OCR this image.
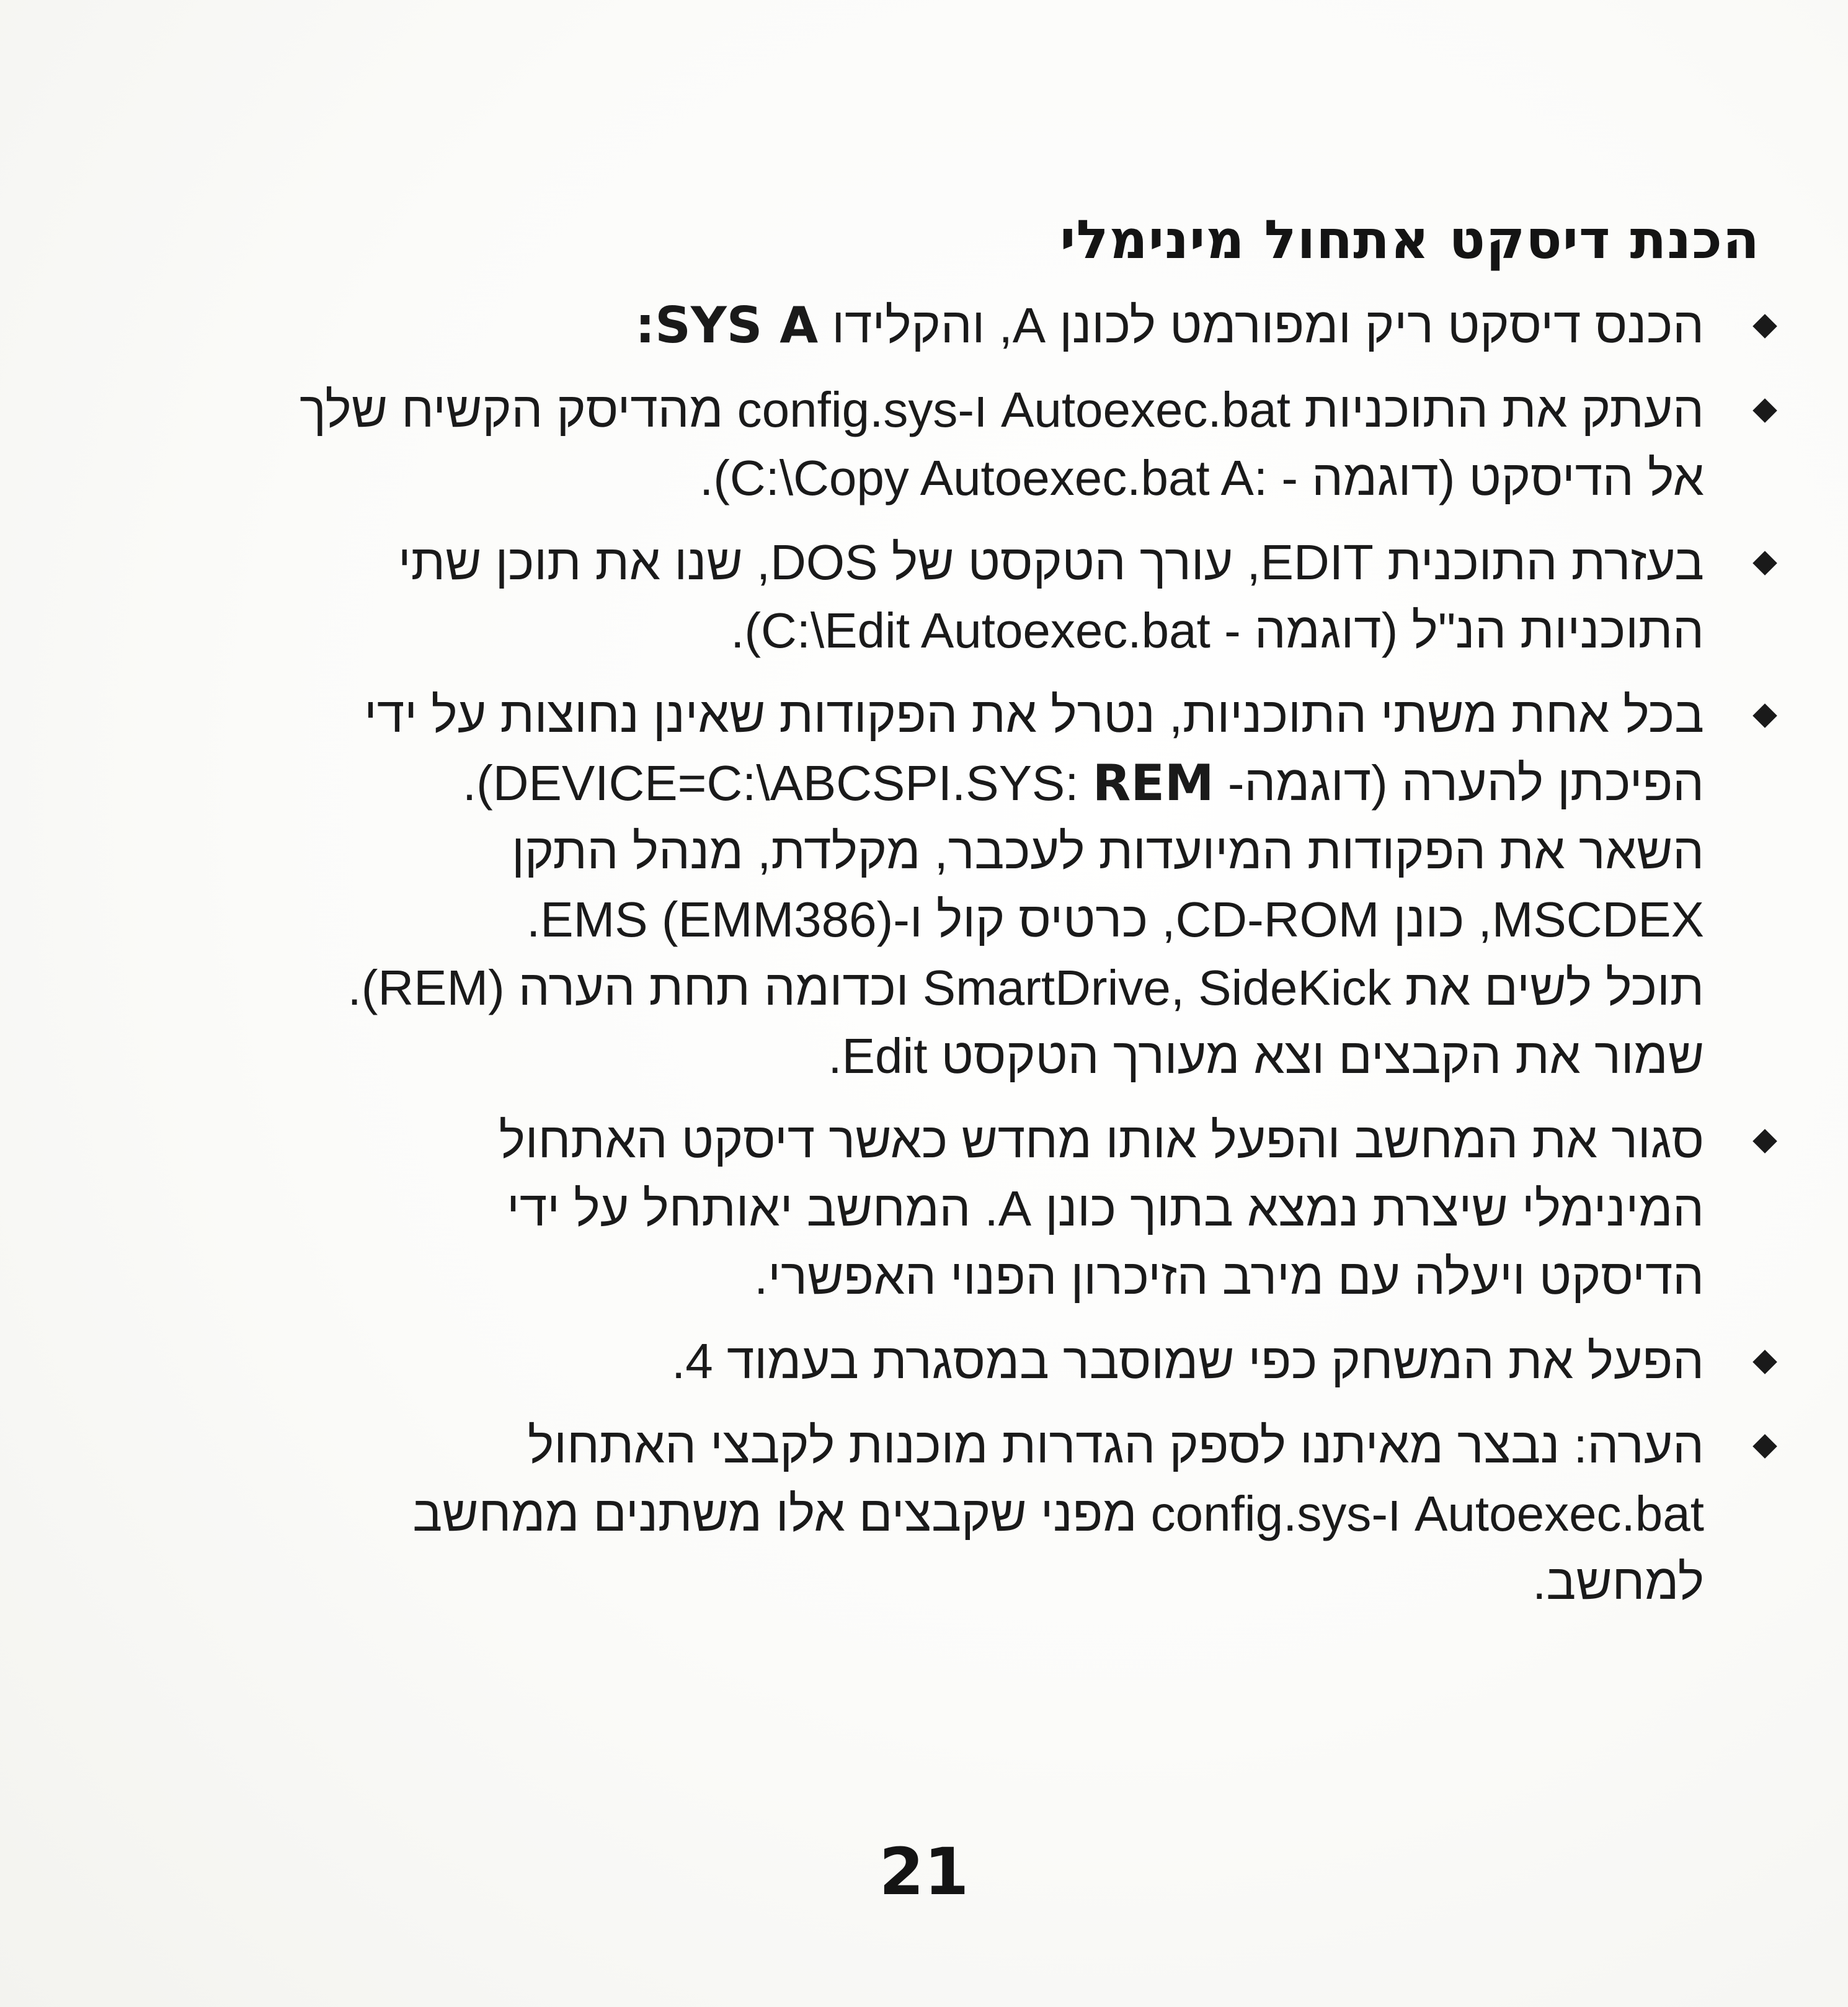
הכנת דיסקט אתחול מינימלי
הכנס דיסקט ריק ומפורמט לכונן A, והקלידו SYS A:
העתק את התוכניות Autoexec.bat ו-config.sys מהדיסק הקשיח שלך
אל הדיסקט (דוגמה - C:\Copy Autoexec.bat A:).
בעזרת התוכנית EDIT, עורך הטקסט של DOS, שנו את תוכן שתי
התוכניות הנ"ל (דוגמה - C:\Edit Autoexec.bat).
בכל אחת משתי התוכניות, נטרל את הפקודות שאינן נחוצות על ידי
הפיכתן להערה (דוגמה- REM DEVICE=C:\ABCSPI.SYS:).
השאר את הפקודות המיועדות לעכבר, מקלדת, מנהל התקן
MSCDEX, כונן CD-ROM, כרטיס קול ו-EMS (EMM386).
תוכל לשים את SmartDrive, SideKick וכדומה תחת הערה (REM).
שמור את הקבצים וצא מעורך הטקסט Edit.
סגור את המחשב והפעל אותו מחדש כאשר דיסקט האתחול
המינימלי שיצרת נמצא בתוך כונן A. המחשב יאותחל על ידי
הדיסקט ויעלה עם מירב הזיכרון הפנוי האפשרי.
הפעל את המשחק כפי שמוסבר במסגרת בעמוד 4.
הערה: נבצר מאיתנו לספק הגדרות מוכנות לקבצי האתחול
Autoexec.bat ו-config.sys מפני שקבצים אלו משתנים ממחשב
למחשב.
21
